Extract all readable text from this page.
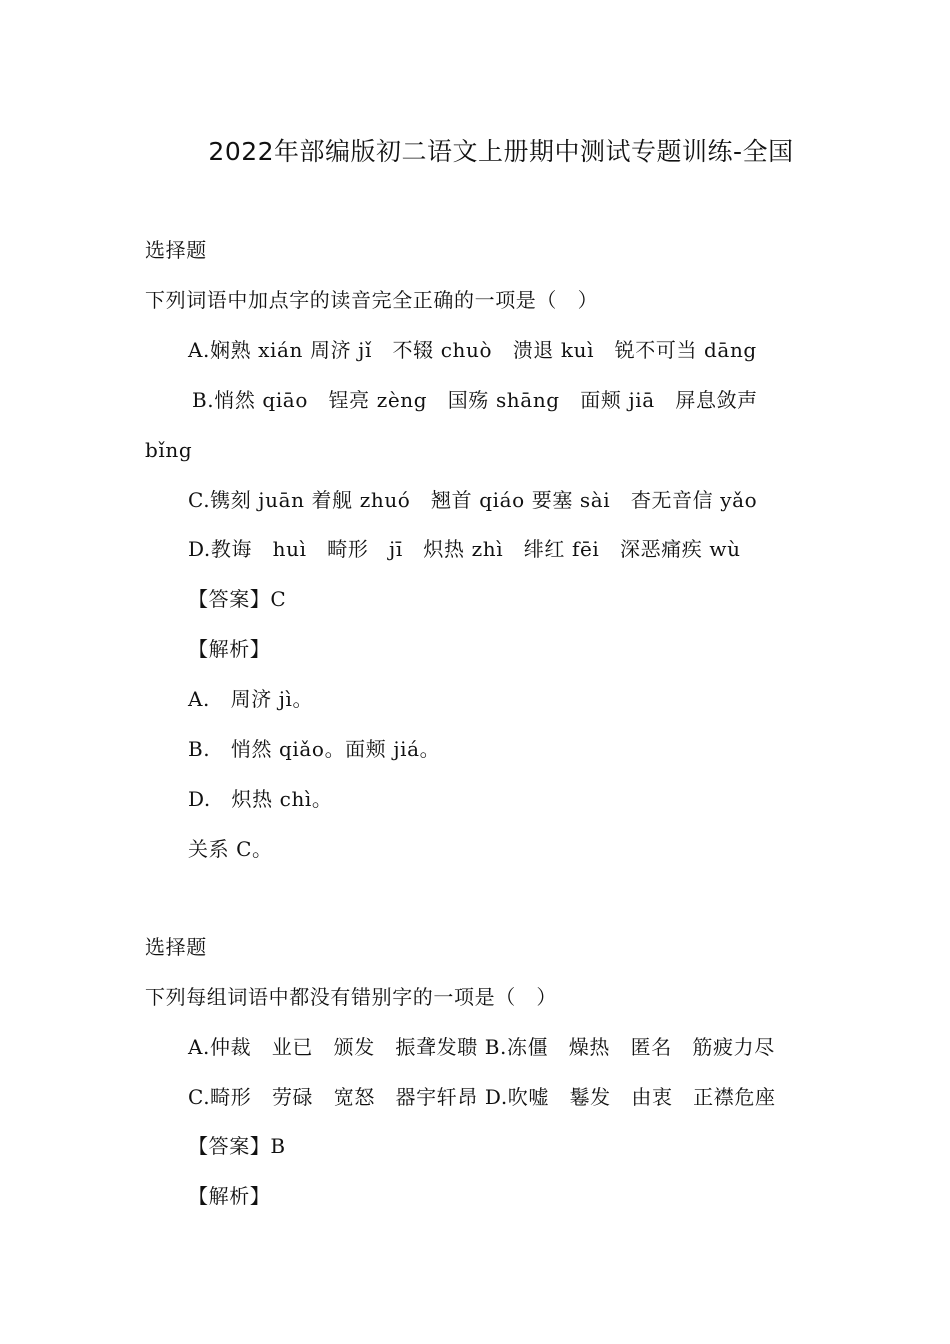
2022年部编版初二语文上册期中测试专题训练-全国
选择题
下列词语中加点字的读音完全正确的一项是（　）
A.娴熟 xián 周济 jǐ　不辍 chuò　溃退 kuì　锐不可当 dāng
B.悄然 qiāo　锃亮 zèng　国殇 shāng　面颊 jiā　屏息敛声
bǐng
C.镌刻 juān 着舰 zhuó　翘首 qiáo 要塞 sài　杳无音信 yǎo
D.教诲　huì　畸形　jī　炽热 zhì　绯红 fēi　深恶痛疾 wù
【答案】C
【解析】
A.　周济 jì。
B.　悄然 qiǎo。面颊 jiá。
D.　炽热 chì。
关系 C。
选择题
下列每组词语中都没有错别字的一项是（　）
A.仲裁　业已　颁发　振聋发聩 B.冻僵　燥热　匿名　筋疲力尽
C.畸形　劳碌　宽怒　器宇轩昂 D.吹嘘　鬈发　由衷　正襟危座
【答案】B
【解析】
